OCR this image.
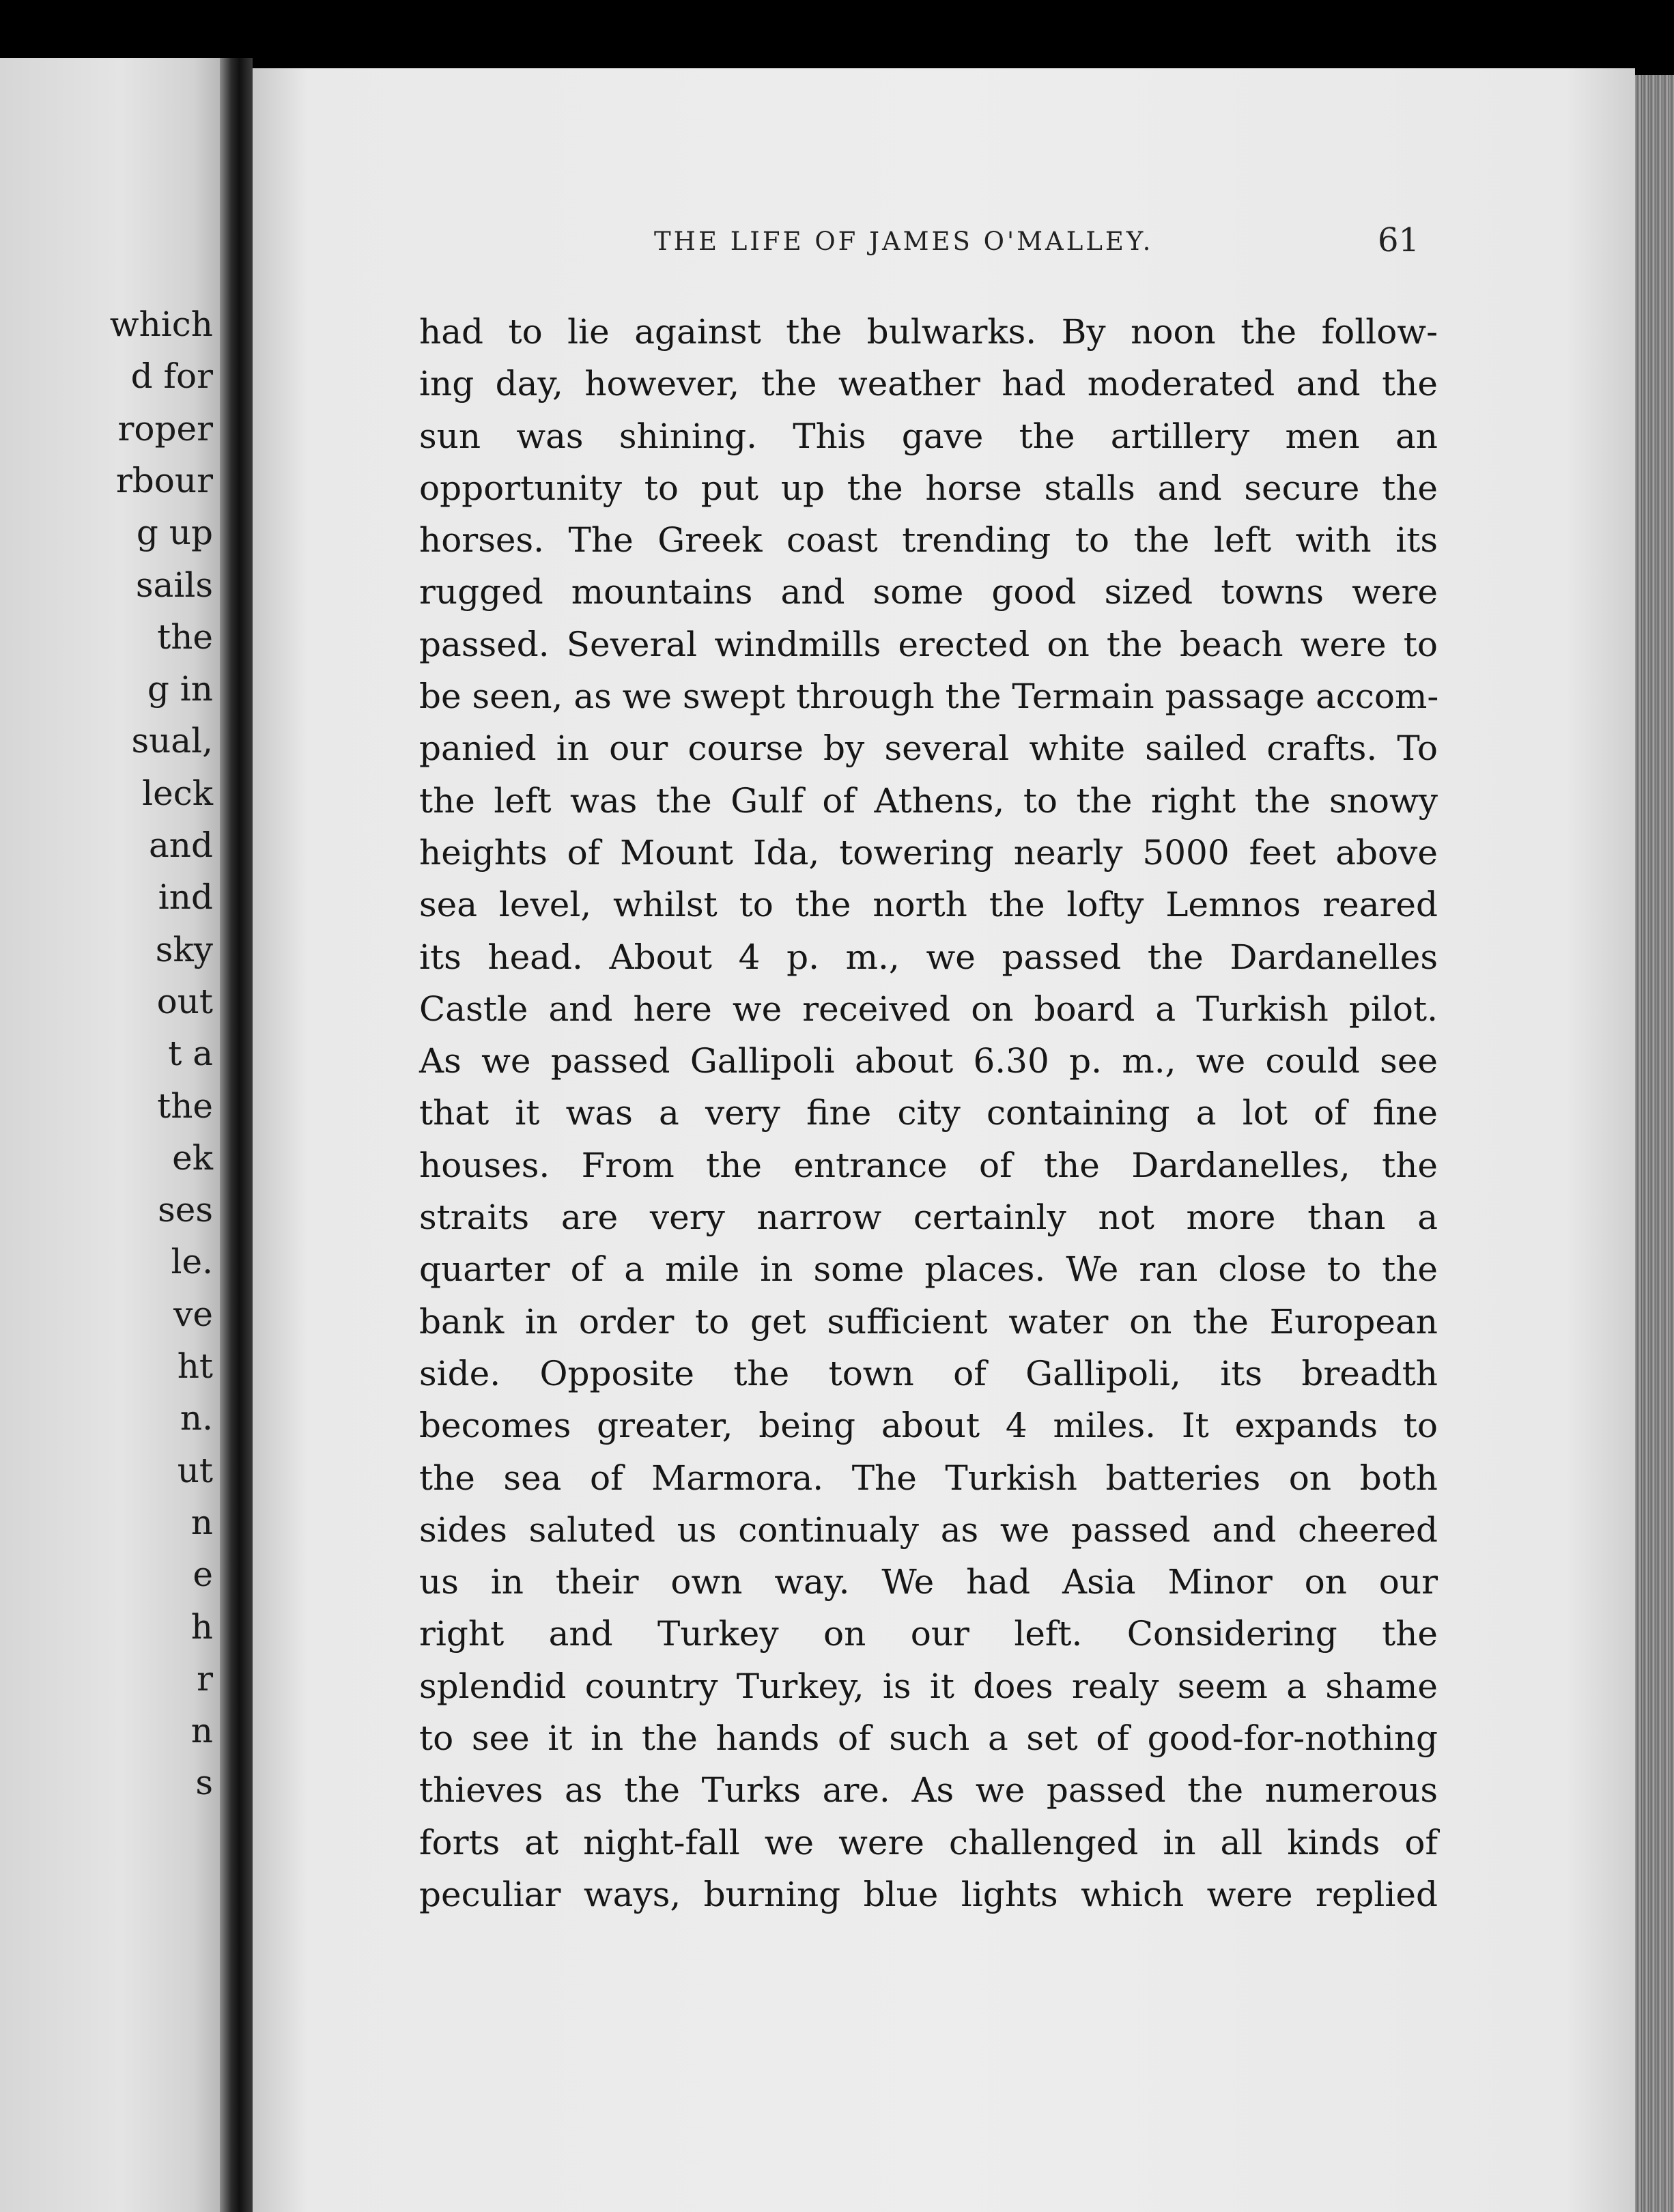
which
d for
roper
rbour
g up
sails
the
g in
sual,
leck
and
ind
sky
out
t a
the
ek
ses
le.
ve
ht
n.
ut
n
e
h
r
n
s
THE LIFE OF JAMES O'MALLEY.	61
had to lie against the bulwarks. By noon the follow-
ing day, however, the weather had moderated and the
sun was shining. This gave the artillery men an
opportunity to put up the horse stalls and secure the
horses. The Greek coast trending to the left with its
rugged mountains and some good sized towns were
passed. Several windmills erected on the beach were to
be seen, as we swept through the Termain passage accom-
panied in our course by several white sailed crafts. To
the left was the Gulf of Athens, to the right the snowy
heights of Mount Ida, towering nearly 5000 feet above
sea level, whilst to the north the lofty Lemnos reared
its head. About 4 p. m., we passed the Dardanelles
Castle and here we received on board a Turkish pilot.
As we passed Gallipoli about 6.30 p. m., we could see
that it was a very fine city containing a lot of fine
houses. From the entrance of the Dardanelles, the
straits are very narrow certainly not more than a
quarter of a mile in some places. We ran close to the
bank in order to get sufficient water on the European
side. Opposite the town of Gallipoli, its breadth
becomes greater, being about 4 miles. It expands to
the sea of Marmora. The Turkish batteries on both
sides saluted us continualy as we passed and cheered
us in their own way. We had Asia Minor on our
right and Turkey on our left. Considering the
splendid country Turkey, is it does realy seem a shame
to see it in the hands of such a set of good-for-nothing
thieves as the Turks are. As we passed the numerous
forts at night-fall we were challenged in all kinds of
peculiar ways, burning blue lights which were replied
